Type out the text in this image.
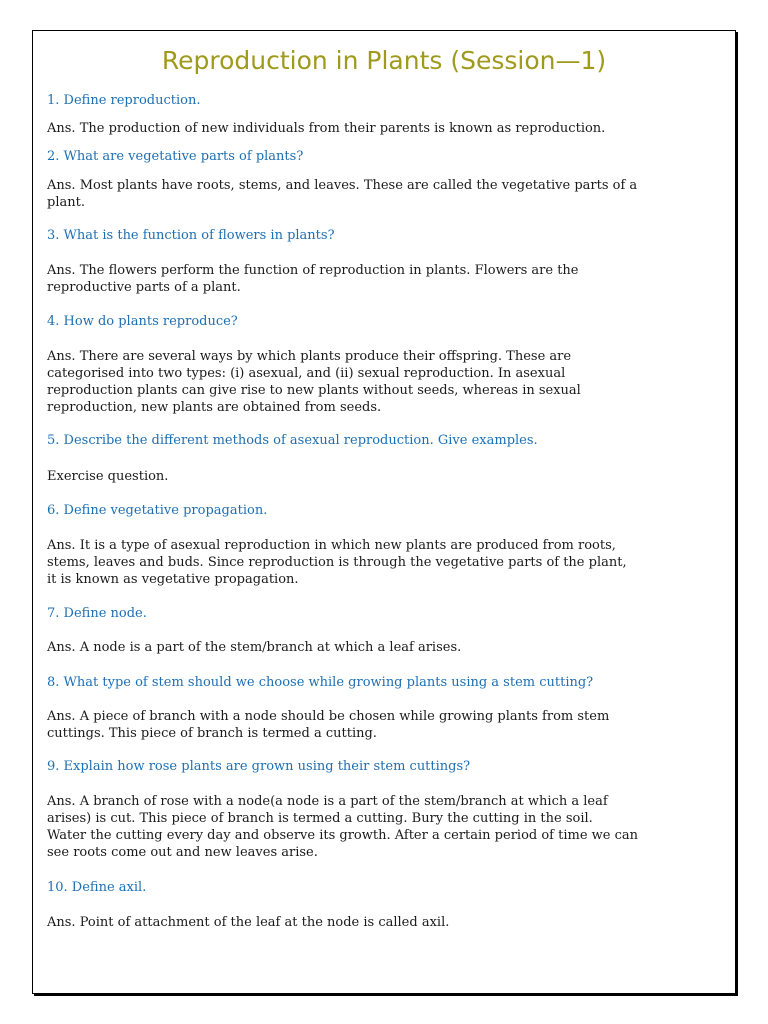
Reproduction in Plants (Session—1)

1. Define reproduction.

Ans. The production of new individuals from their parents is known as reproduction.

2. What are vegetative parts of plants?

Ans. Most plants have roots, stems, and leaves. These are called the vegetative parts of a
plant.

3. What is the function of flowers in plants?

Ans. The flowers perform the function of reproduction in plants. Flowers are the
reproductive parts of a plant.

4. How do plants reproduce?

Ans. There are several ways by which plants produce their offspring. These are
categorised into two types: (i) asexual, and (ii) sexual reproduction. In asexual
reproduction plants can give rise to new plants without seeds, whereas in sexual
reproduction, new plants are obtained from seeds.

5. Describe the different methods of asexual reproduction. Give examples.

Exercise question.

6. Define vegetative propagation.

Ans. It is a type of asexual reproduction in which new plants are produced from roots,
stems, leaves and buds. Since reproduction is through the vegetative parts of the plant,
it is known as vegetative propagation.

7. Define node.

Ans. A node is a part of the stem/branch at which a leaf arises.

8. What type of stem should we choose while growing plants using a stem cutting?

Ans. A piece of branch with a node should be chosen while growing plants from stem
cuttings. This piece of branch is termed a cutting.

9. Explain how rose plants are grown using their stem cuttings?

Ans. A branch of rose with a node(a node is a part of the stem/branch at which a leaf
arises) is cut. This piece of branch is termed a cutting. Bury the cutting in the soil.
Water the cutting every day and observe its growth. After a certain period of time we can
see roots come out and new leaves arise.

10. Define axil.

Ans. Point of attachment of the leaf at the node is called axil.
